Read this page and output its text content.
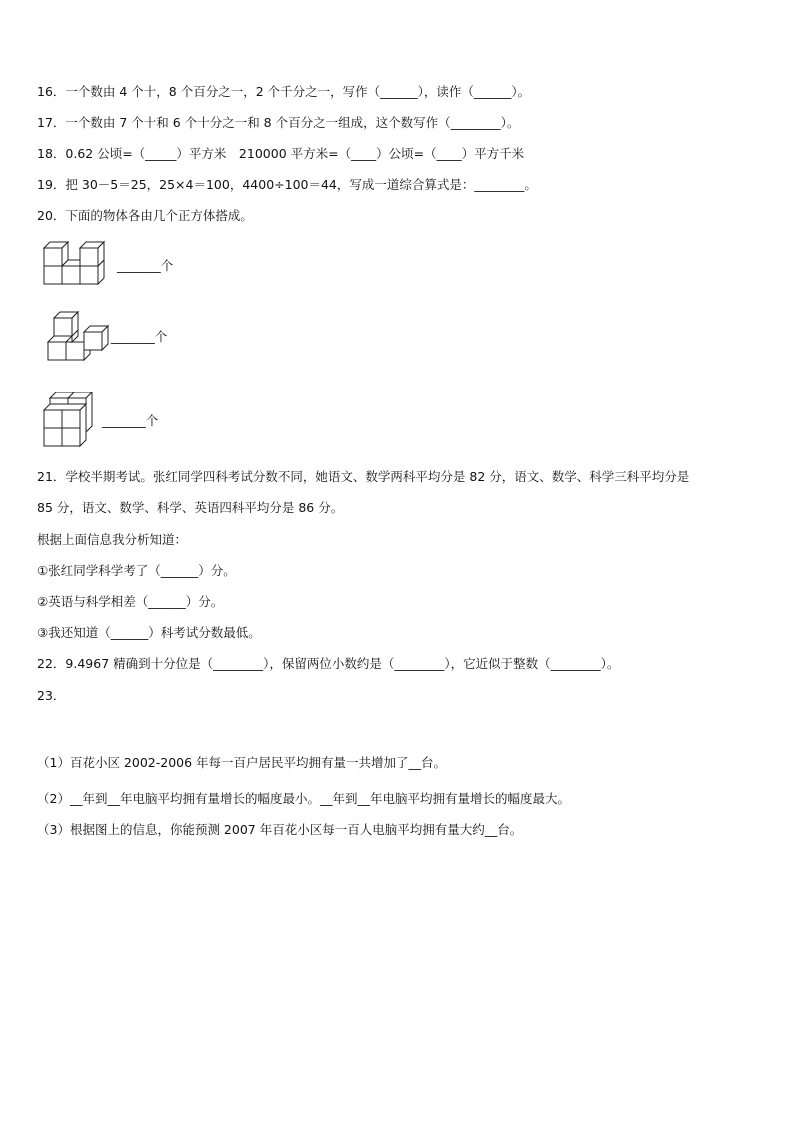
16．一个数由 4 个十，8 个百分之一，2 个千分之一，写作（______），读作（______）。
17．一个数由 7 个十和 6 个十分之一和 8 个百分之一组成，这个数写作（________）。
18．0.62 公顷=（_____）平方米　210000 平方米=（____）公顷=（____）平方千米
19．把 30－5＝25，25×4＝100，4400÷100＝44，写成一道综合算式是：________。
20．下面的物体各由几个正方体搭成。
_______个
_______个
_______个
21．学校半期考试。张红同学四科考试分数不同，她语文、数学两科平均分是 82 分，语文、数学、科学三科平均分是
85 分，语文、数学、科学、英语四科平均分是 86 分。
根据上面信息我分析知道：
①张红同学科学考了（______）分。
②英语与科学相差（______）分。
③我还知道（______）科考试分数最低。
22．9.4967 精确到十分位是（________），保留两位小数约是（________），它近似于整数（________）。
23．
（1）百花小区 2002-2006 年每一百户居民平均拥有量一共增加了__台。
（2）__年到__年电脑平均拥有量增长的幅度最小。__年到__年电脑平均拥有量增长的幅度最大。
（3）根据图上的信息，你能预测 2007 年百花小区每一百人电脑平均拥有量大约__台。
